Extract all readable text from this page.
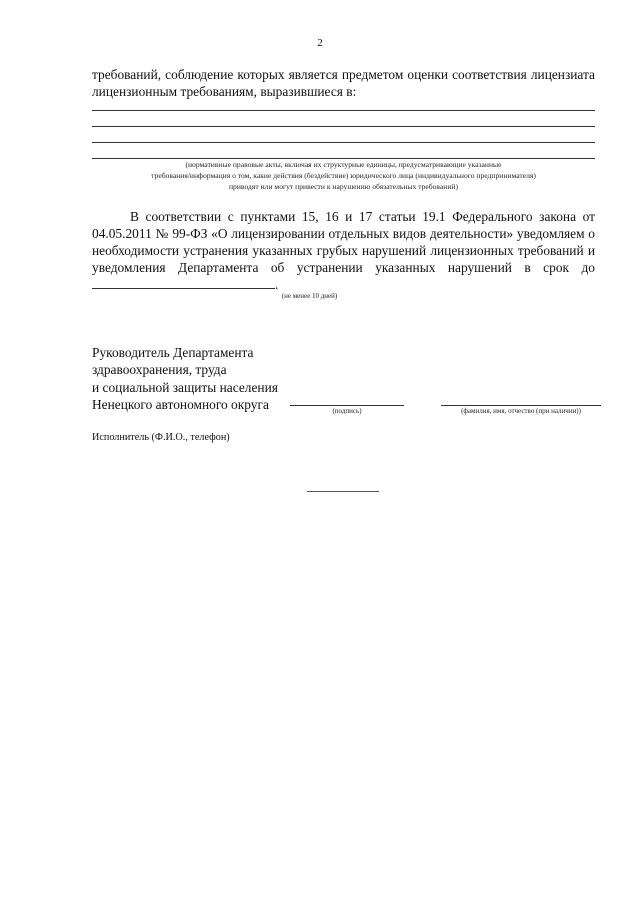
2
требований, соблюдение которых является предметом оценки соответствия лицензиата лицензионным требованиям, выразившиеся в:
(нормативные правовые акты, включая их структурные единицы, предусматривающие указанные
требования/информация о том, какие действия (бездействие) юридического лица (индивидуального предпринимателя)
приводят или могут привести к нарушению обязательных требований)
В соответствии с пунктами 15, 16 и 17 статьи 19.1 Федерального закона от 04.05.2011 № 99-ФЗ «О лицензировании отдельных видов деятельности» уведомляем о необходимости устранения указанных грубых нарушений лицензионных требований и уведомления Департамента об устранении указанных нарушений в срок до .
(не менее 10 дней)
Руководитель Департамента
здравоохранения, труда
и социальной защиты населения
Ненецкого автономного округа	(подпись)	(фамилия, имя, отчество (при наличии))
Исполнитель (Ф.И.О., телефон)
